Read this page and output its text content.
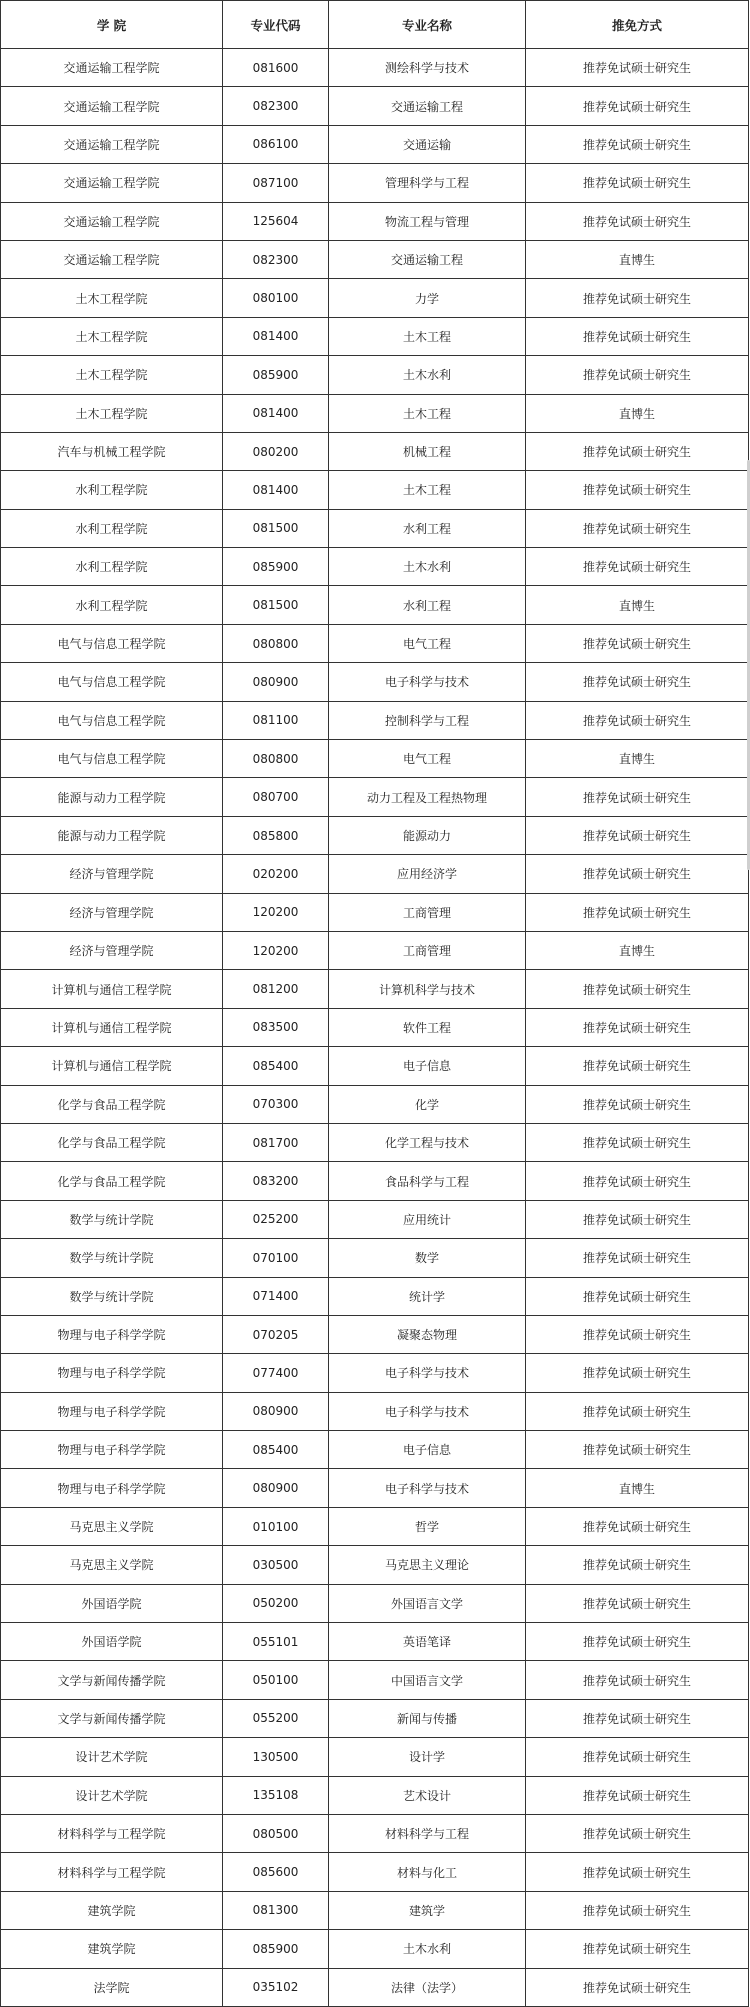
学 院	专业代码	专业名称	推免方式
交通运输工程学院	081600	测绘科学与技术	推荐免试硕士研究生
交通运输工程学院	082300	交通运输工程	推荐免试硕士研究生
交通运输工程学院	086100	交通运输	推荐免试硕士研究生
交通运输工程学院	087100	管理科学与工程	推荐免试硕士研究生
交通运输工程学院	125604	物流工程与管理	推荐免试硕士研究生
交通运输工程学院	082300	交通运输工程	直博生
土木工程学院	080100	力学	推荐免试硕士研究生
土木工程学院	081400	土木工程	推荐免试硕士研究生
土木工程学院	085900	土木水利	推荐免试硕士研究生
土木工程学院	081400	土木工程	直博生
汽车与机械工程学院	080200	机械工程	推荐免试硕士研究生
水利工程学院	081400	土木工程	推荐免试硕士研究生
水利工程学院	081500	水利工程	推荐免试硕士研究生
水利工程学院	085900	土木水利	推荐免试硕士研究生
水利工程学院	081500	水利工程	直博生
电气与信息工程学院	080800	电气工程	推荐免试硕士研究生
电气与信息工程学院	080900	电子科学与技术	推荐免试硕士研究生
电气与信息工程学院	081100	控制科学与工程	推荐免试硕士研究生
电气与信息工程学院	080800	电气工程	直博生
能源与动力工程学院	080700	动力工程及工程热物理	推荐免试硕士研究生
能源与动力工程学院	085800	能源动力	推荐免试硕士研究生
经济与管理学院	020200	应用经济学	推荐免试硕士研究生
经济与管理学院	120200	工商管理	推荐免试硕士研究生
经济与管理学院	120200	工商管理	直博生
计算机与通信工程学院	081200	计算机科学与技术	推荐免试硕士研究生
计算机与通信工程学院	083500	软件工程	推荐免试硕士研究生
计算机与通信工程学院	085400	电子信息	推荐免试硕士研究生
化学与食品工程学院	070300	化学	推荐免试硕士研究生
化学与食品工程学院	081700	化学工程与技术	推荐免试硕士研究生
化学与食品工程学院	083200	食品科学与工程	推荐免试硕士研究生
数学与统计学院	025200	应用统计	推荐免试硕士研究生
数学与统计学院	070100	数学	推荐免试硕士研究生
数学与统计学院	071400	统计学	推荐免试硕士研究生
物理与电子科学学院	070205	凝聚态物理	推荐免试硕士研究生
物理与电子科学学院	077400	电子科学与技术	推荐免试硕士研究生
物理与电子科学学院	080900	电子科学与技术	推荐免试硕士研究生
物理与电子科学学院	085400	电子信息	推荐免试硕士研究生
物理与电子科学学院	080900	电子科学与技术	直博生
马克思主义学院	010100	哲学	推荐免试硕士研究生
马克思主义学院	030500	马克思主义理论	推荐免试硕士研究生
外国语学院	050200	外国语言文学	推荐免试硕士研究生
外国语学院	055101	英语笔译	推荐免试硕士研究生
文学与新闻传播学院	050100	中国语言文学	推荐免试硕士研究生
文学与新闻传播学院	055200	新闻与传播	推荐免试硕士研究生
设计艺术学院	130500	设计学	推荐免试硕士研究生
设计艺术学院	135108	艺术设计	推荐免试硕士研究生
材料科学与工程学院	080500	材料科学与工程	推荐免试硕士研究生
材料科学与工程学院	085600	材料与化工	推荐免试硕士研究生
建筑学院	081300	建筑学	推荐免试硕士研究生
建筑学院	085900	土木水利	推荐免试硕士研究生
法学院	035102	法律（法学）	推荐免试硕士研究生
